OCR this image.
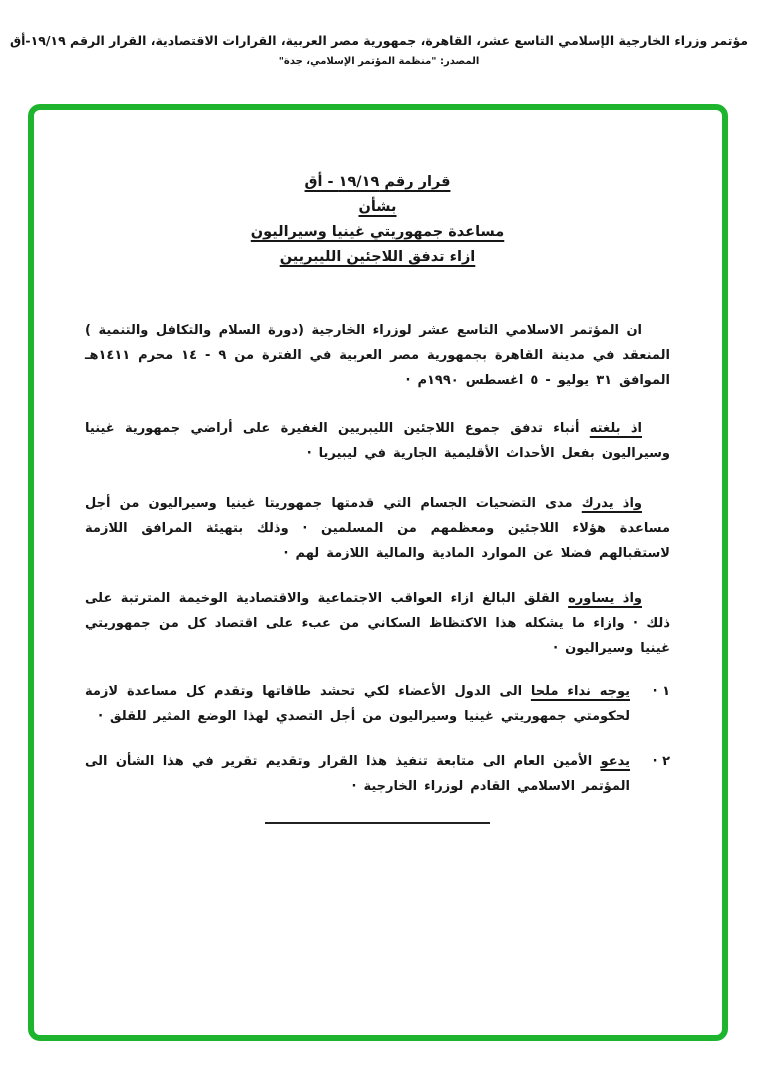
مؤتمر وزراء الخارجية الإسلامي التاسع عشر، القاهرة، جمهورية مصر العربية، القرارات الاقتصادية، القرار الرقم ١٩/١٩-أق
المصدر: "منظمة المؤتمر الإسلامي، جدة"
قرار رقم ١٩/١٩ - أق
بشأن
مساعدة جمهوريتي غينيا وسيراليون
ازاء تدفق اللاجئين الليبريين

ان المؤتمر الاسلامي التاسع عشر لوزراء الخارجية (دورة السلام والتكافل والتنمية ) المنعقد في مدينة القاهرة بجمهورية مصر العربية في الفترة من ٩ - ١٤ محرم ١٤١١هـ الموافق ٣١ يوليو - ٥ اغسطس ١٩٩٠م ·

اذ بلغته أنباء تدفق جموع اللاجئين الليبريين الغفيرة على أراضي جمهورية غينيا وسيراليون بفعل الأحداث الأقليمية الجارية في ليبيريا ·

واذ يدرك مدى التضحيات الجسام التي قدمتها جمهوريتا غينيا وسيراليون من أجل مساعدة هؤلاء اللاجئين ومعظمهم من المسلمين · وذلك بتهيئة المرافق اللازمة لاستقبالهم فضلا عن الموارد المادية والمالية اللازمة لهم ·

واذ يساوره القلق البالغ ازاء العواقب الاجتماعية والاقتصادية الوخيمة المترتبة على ذلك · وازاء ما يشكله هذا الاكتظاظ السكاني من عبء على اقتصاد كل من جمهوريتي غينيا وسيراليون ·

١ ·
يوجه نداء ملحا الى الدول الأعضاء لكي تحشد طاقاتها وتقدم كل مساعدة لازمة لحكومتي جمهوريتي غينيا وسيراليون من أجل التصدي لهذا الوضع المثير للقلق ·
٢ ·
يدعو الأمين العام الى متابعة تنفيذ هذا القرار وتقديم تقرير في هذا الشأن الى المؤتمر الاسلامي القادم لوزراء الخارجية ·
